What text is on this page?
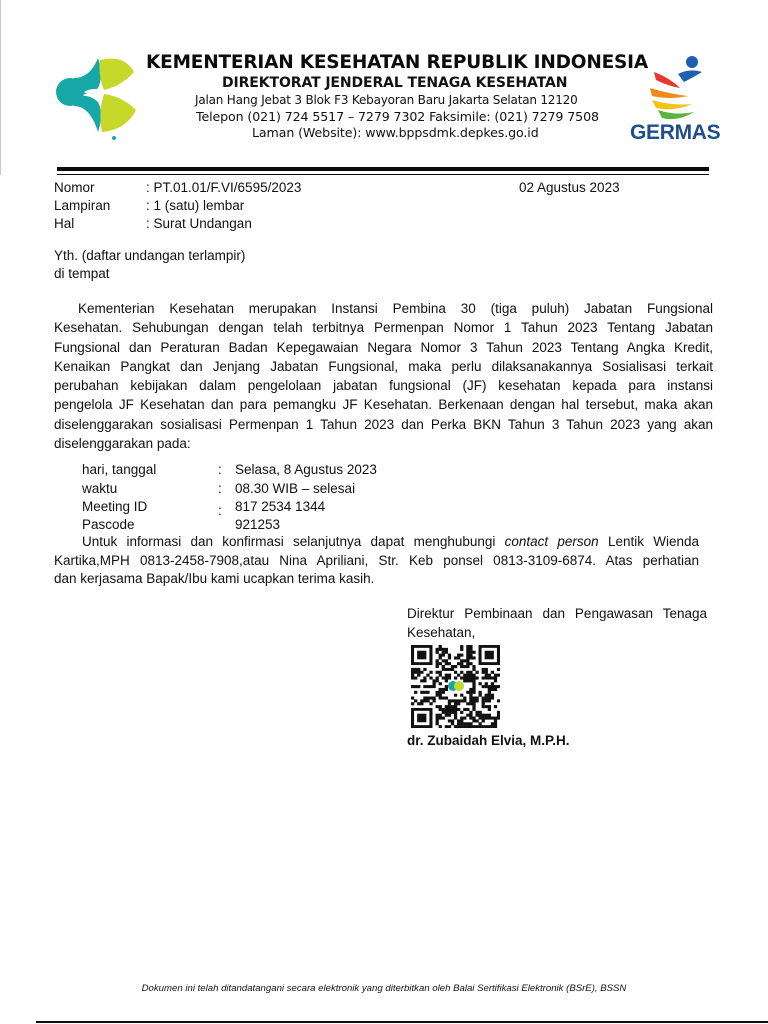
KEMENTERIAN KESEHATAN REPUBLIK INDONESIA
DIREKTORAT JENDERAL TENAGA KESEHATAN
Jalan Hang Jebat 3 Blok F3 Kebayoran Baru Jakarta Selatan 12120
Telepon (021) 724 5517 – 7279 7302 Faksimile: (021) 7279 7508
Laman (Website): www.bppsdmk.depkes.go.id	GERMAS
Nomor	: PT.01.01/F.VI/6595/2023
Lampiran	: 1 (satu) lembar
Hal	: Surat Undangan
02 Agustus 2023
Yth. (daftar undangan terlampir)
di tempat
Kementerian Kesehatan merupakan Instansi Pembina 30 (tiga puluh) Jabatan Fungsional
Kesehatan. Sehubungan dengan telah terbitnya Permenpan Nomor 1 Tahun 2023 Tentang Jabatan
Fungsional dan Peraturan Badan Kepegawaian Negara Nomor 3 Tahun 2023 Tentang Angka Kredit,
Kenaikan Pangkat dan Jenjang Jabatan Fungsional, maka perlu dilaksanakannya Sosialisasi terkait
perubahan kebijakan dalam pengelolaan jabatan fungsional (JF) kesehatan kepada para instansi
pengelola JF Kesehatan dan para pemangku JF Kesehatan. Berkenaan dengan hal tersebut, maka akan
diselenggarakan sosialisasi Permenpan 1 Tahun 2023 dan Perka BKN Tahun 3 Tahun 2023 yang akan
diselenggarakan pada:
hari, tanggal	: Selasa, 8 Agustus 2023
waktu	: 08.30 WIB – selesai
Meeting ID	: 817 2534 1344
Pascode	921253
Untuk informasi dan konfirmasi selanjutnya dapat menghubungi contact person Lentik Wienda
Kartika,MPH 0813-2458-7908,atau Nina Apriliani, Str. Keb ponsel 0813-3109-6874. Atas perhatian
dan kerjasama Bapak/Ibu kami ucapkan terima kasih.
Direktur Pembinaan dan Pengawasan Tenaga
Kesehatan,
dr. Zubaidah Elvia, M.P.H.
Dokumen ini telah ditandatangani secara elektronik yang diterbitkan oleh Balai Sertifikasi Elektronik (BSrE), BSSN
